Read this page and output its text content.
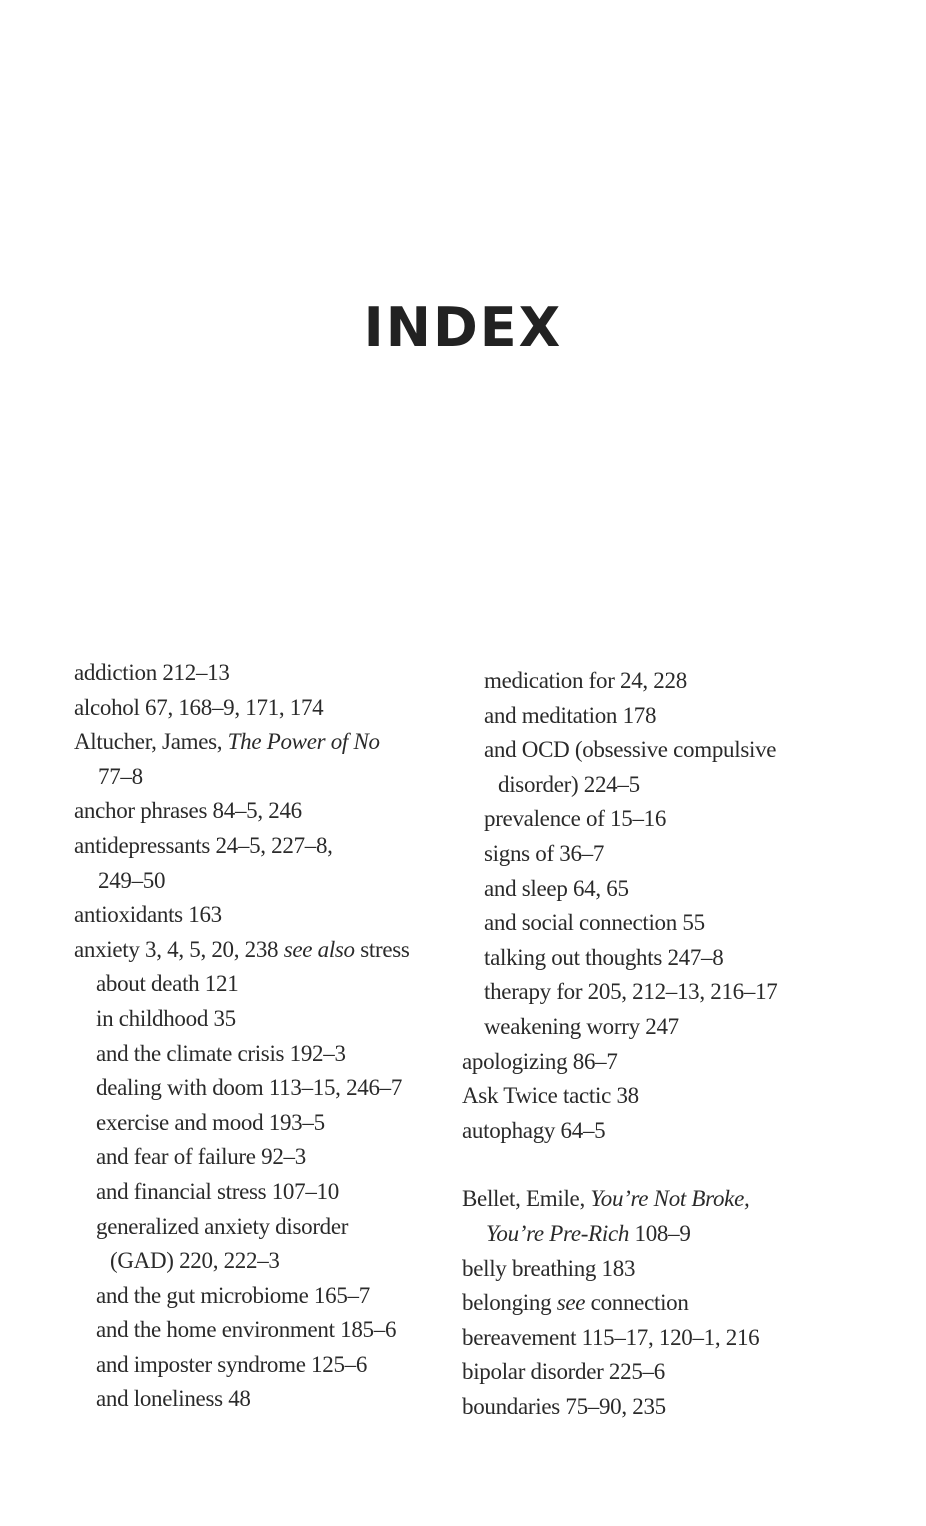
INDEX
addiction 212–13
alcohol 67, 168–9, 171, 174
Altucher, James, The Power of No
77–8
anchor phrases 84–5, 246
antidepressants 24–5, 227–8,
249–50
antioxidants 163
anxiety 3, 4, 5, 20, 238 see also stress
about death 121
in childhood 35
and the climate crisis 192–3
dealing with doom 113–15, 246–7
exercise and mood 193–5
and fear of failure 92–3
and financial stress 107–10
generalized anxiety disorder
(GAD) 220, 222–3
and the gut microbiome 165–7
and the home environment 185–6
and imposter syndrome 125–6
and loneliness 48
medication for 24, 228
and meditation 178
and OCD (obsessive compulsive
disorder) 224–5
prevalence of 15–16
signs of 36–7
and sleep 64, 65
and social connection 55
talking out thoughts 247–8
therapy for 205, 212–13, 216–17
weakening worry 247
apologizing 86–7
Ask Twice tactic 38
autophagy 64–5
Bellet, Emile, You’re Not Broke,
You’re Pre-Rich 108–9
belly breathing 183
belonging see connection
bereavement 115–17, 120–1, 216
bipolar disorder 225–6
boundaries 75–90, 235
